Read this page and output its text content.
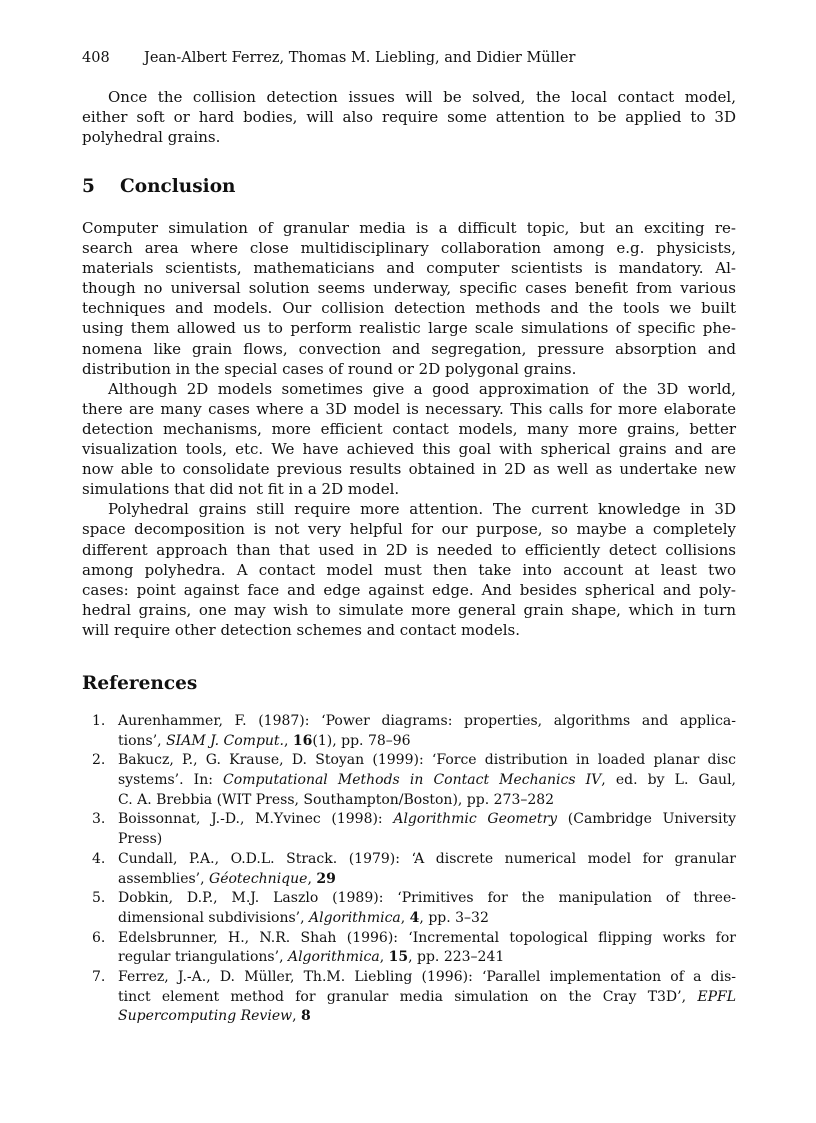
408 Jean-Albert Ferrez, Thomas M. Liebling, and Didier Müller
Once the collision detection issues will be solved, the local contact model,
either soft or hard bodies, will also require some attention to be applied to 3D
polyhedral grains.
5 Conclusion
Computer simulation of granular media is a difficult topic, but an exciting re-
search area where close multidisciplinary collaboration among e.g. physicists,
materials scientists, mathematicians and computer scientists is mandatory. Al-
though no universal solution seems underway, specific cases benefit from various
techniques and models. Our collision detection methods and the tools we built
using them allowed us to perform realistic large scale simulations of specific phe-
nomena like grain flows, convection and segregation, pressure absorption and
distribution in the special cases of round or 2D polygonal grains.
Although 2D models sometimes give a good approximation of the 3D world,
there are many cases where a 3D model is necessary. This calls for more elaborate
detection mechanisms, more efficient contact models, many more grains, better
visualization tools, etc. We have achieved this goal with spherical grains and are
now able to consolidate previous results obtained in 2D as well as undertake new
simulations that did not fit in a 2D model.
Polyhedral grains still require more attention. The current knowledge in 3D
space decomposition is not very helpful for our purpose, so maybe a completely
different approach than that used in 2D is needed to efficiently detect collisions
among polyhedra. A contact model must then take into account at least two
cases: point against face and edge against edge. And besides spherical and poly-
hedral grains, one may wish to simulate more general grain shape, which in turn
will require other detection schemes and contact models.
References
1. Aurenhammer, F. (1987): ‘Power diagrams: properties, algorithms and applica-
tions’, SIAM J. Comput., 16(1), pp. 78–96
2. Bakucz, P., G. Krause, D. Stoyan (1999): ‘Force distribution in loaded planar disc
systems’. In: Computational Methods in Contact Mechanics IV, ed. by L. Gaul,
C. A. Brebbia (WIT Press, Southampton/Boston), pp. 273–282
3. Boissonnat, J.-D., M.Yvinec (1998): Algorithmic Geometry (Cambridge University
Press)
4. Cundall, P.A., O.D.L. Strack. (1979): ‘A discrete numerical model for granular
assemblies’, Géotechnique, 29
5. Dobkin, D.P., M.J. Laszlo (1989): ‘Primitives for the manipulation of three-
dimensional subdivisions’, Algorithmica, 4, pp. 3–32
6. Edelsbrunner, H., N.R. Shah (1996): ‘Incremental topological flipping works for
regular triangulations’, Algorithmica, 15, pp. 223–241
7. Ferrez, J.-A., D. Müller, Th.M. Liebling (1996): ‘Parallel implementation of a dis-
tinct element method for granular media simulation on the Cray T3D’, EPFL
Supercomputing Review, 8
